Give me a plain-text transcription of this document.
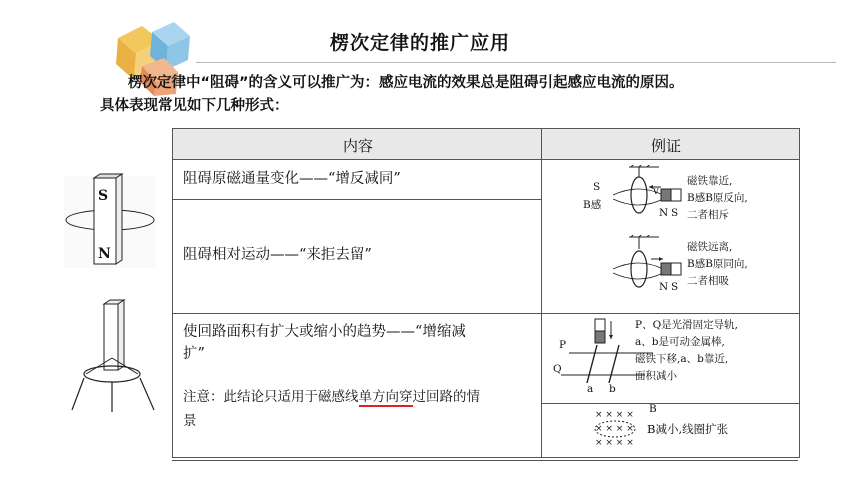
楞次定律的推广应用
楞次定律中“阻碍”的含义可以推广为：感应电流的效果总是阻碍引起感应电流的原因。
具体表现常见如下几种形式：
S
N
内容	例证
阻碍原磁通量变化——“增反减同”
阻碍相对运动——“来拒去留”
使回路面积有扩大或缩小的趋势——“增缩减
扩”
注意：此结论只适用于磁感线单方向穿过回路的情
景
S	v
B感
N S
磁铁靠近,
B感B原反向,
二者相斥
N S
磁铁远离,
B感B原同向,
二者相吸
P
Q
a b
P、Q是光滑固定导轨,
a、b是可动金属棒,
磁铁下移,a、b靠近,
面积减小
× × × ×
× × × ×
× × × ×
B
B减小,线圈扩张
